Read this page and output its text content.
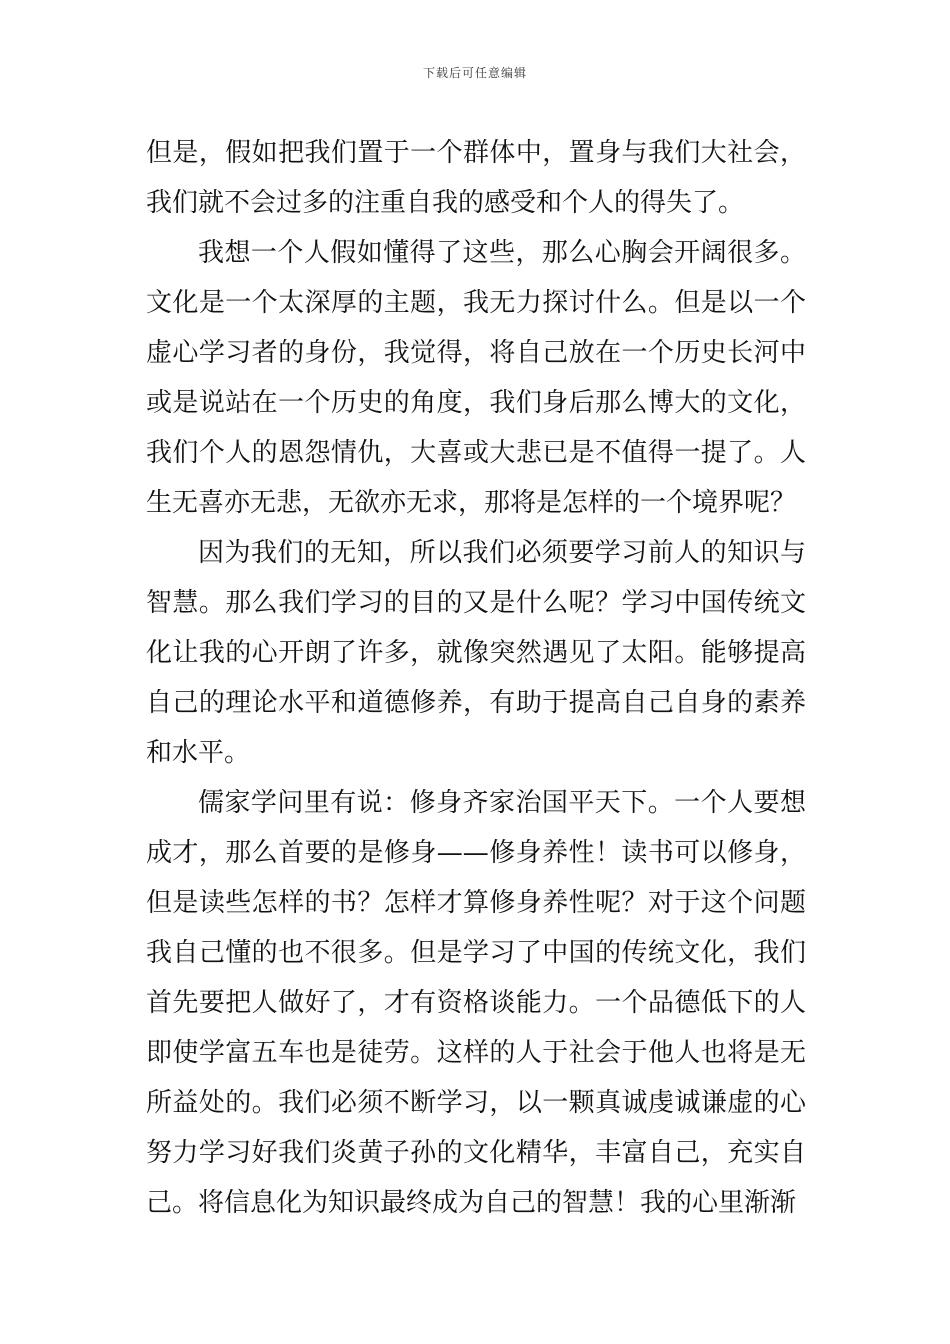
下载后可任意编辑

但是，假如把我们置于一个群体中，置身与我们大社会，我们就不会过多的注重自我的感受和个人的得失了。

我想一个人假如懂得了这些，那么心胸会开阔很多。文化是一个太深厚的主题，我无力探讨什么。但是以一个虚心学习者的身份，我觉得，将自己放在一个历史长河中或是说站在一个历史的角度，我们身后那么博大的文化，我们个人的恩怨情仇，大喜或大悲已是不值得一提了。人生无喜亦无悲，无欲亦无求，那将是怎样的一个境界呢？

因为我们的无知，所以我们必须要学习前人的知识与智慧。那么我们学习的目的又是什么呢？学习中国传统文化让我的心开朗了许多，就像突然遇见了太阳。能够提高自己的理论水平和道德修养，有助于提高自己自身的素养和水平。

儒家学问里有说：修身齐家治国平天下。一个人要想成才，那么首要的是修身——修身养性！读书可以修身，但是读些怎样的书？怎样才算修身养性呢？对于这个问题我自己懂的也不很多。但是学习了中国的传统文化，我们首先要把人做好了，才有资格谈能力。一个品德低下的人即使学富五车也是徒劳。这样的人于社会于他人也将是无所益处的。我们必须不断学习，以一颗真诚虔诚谦虚的心努力学习好我们炎黄子孙的文化精华，丰富自己，充实自己。将信息化为知识最终成为自己的智慧！我的心里渐渐
